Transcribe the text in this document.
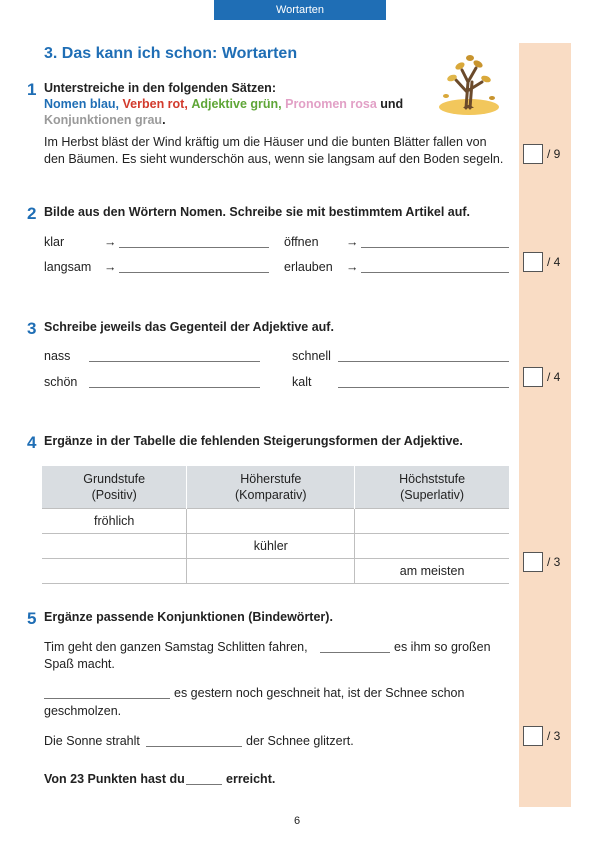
Wortarten
3. Das kann ich schon: Wortarten
1 Unterstreiche in den folgenden Sätzen:
Nomen blau, Verben rot, Adjektive grün, Pronomen rosa und
Konjunktionen grau.
Im Herbst bläst der Wind kräftig um die Häuser und die bunten Blätter fallen von
den Bäumen. Es sieht wunderschön aus, wenn sie langsam auf den Boden segeln.	/ 9
2 Bilde aus den Wörtern Nomen. Schreibe sie mit bestimmtem Artikel auf.
klar	→	öffnen →
langsam →	erlauben →	/ 4
3 Schreibe jeweils das Gegenteil der Adjektive auf.
nass	schnell
schön	kalt	/ 4
4 Ergänze in der Tabelle die fehlenden Steigerungsformen der Adjektive.
Grundstufe
(Positiv)	Höherstufe
(Komparativ)	Höchststufe
(Superlativ)
fröhlich		
	kühler	
		am meisten
/ 3
5 Ergänze passende Konjunktionen (Bindewörter).
Tim geht den ganzen Samstag Schlitten fahren,	es ihm so großen
Spaß macht.
es gestern noch geschneit hat, ist der Schnee schon
geschmolzen.
Die Sonne strahlt	der Schnee glitzert.	/ 3
Von 23 Punkten hast du	erreicht.
6
